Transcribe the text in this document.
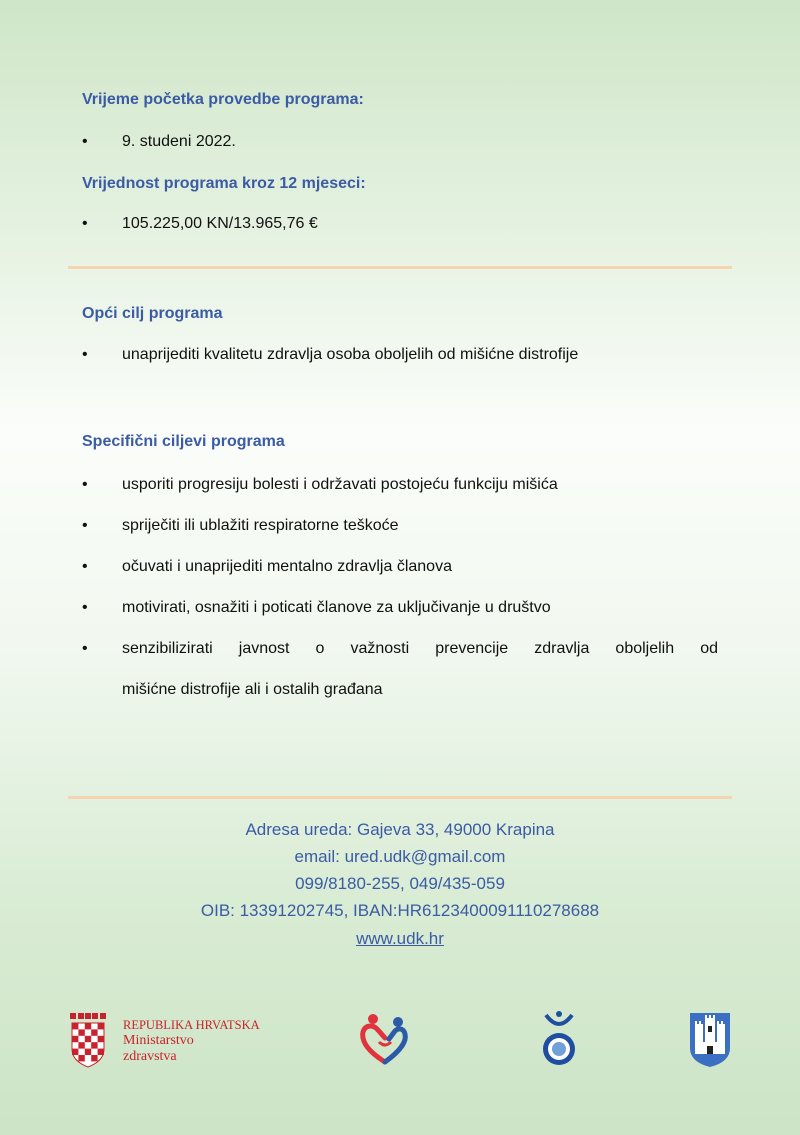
Vrijeme početka provedbe programa:
• 9. studeni 2022.
Vrijednost programa kroz 12 mjeseci:
• 105.225,00 KN/13.965,76 €
Opći cilj programa
• unaprijediti kvalitetu zdravlja osoba oboljelih od mišićne distrofije
Specifični ciljevi programa
• usporiti progresiju bolesti i održavati postojeću funkciju mišića
• spriječiti ili ublažiti respiratorne teškoće
• očuvati i unaprijediti mentalno zdravlja članova
• motivirati, osnažiti i poticati članove za uključivanje u društvo
• senzibilizirati javnost o važnosti prevencije zdravlja oboljelih od
mišićne distrofije ali i ostalih građana
Adresa ureda: Gajeva 33, 49000 Krapina
email: ured.udk@gmail.com
099/8180-255, 049/435-059
OIB: 13391202745, IBAN:HR6123400091110278688
www.udk.hr
REPUBLIKA HRVATSKA
Ministarstvo
zdravstva
